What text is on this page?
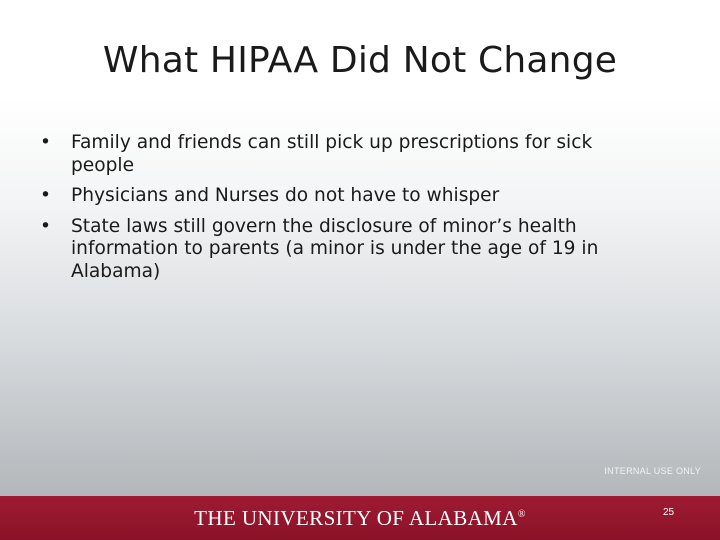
What HIPAA Did Not Change
• Family and friends can still pick up prescriptions for sick people
• Physicians and Nurses do not have to whisper
• State laws still govern the disclosure of minor’s health information to parents (a minor is under the age of 19 in Alabama)
INTERNAL USE ONLY
THE UNIVERSITY OF ALABAMA®	25
